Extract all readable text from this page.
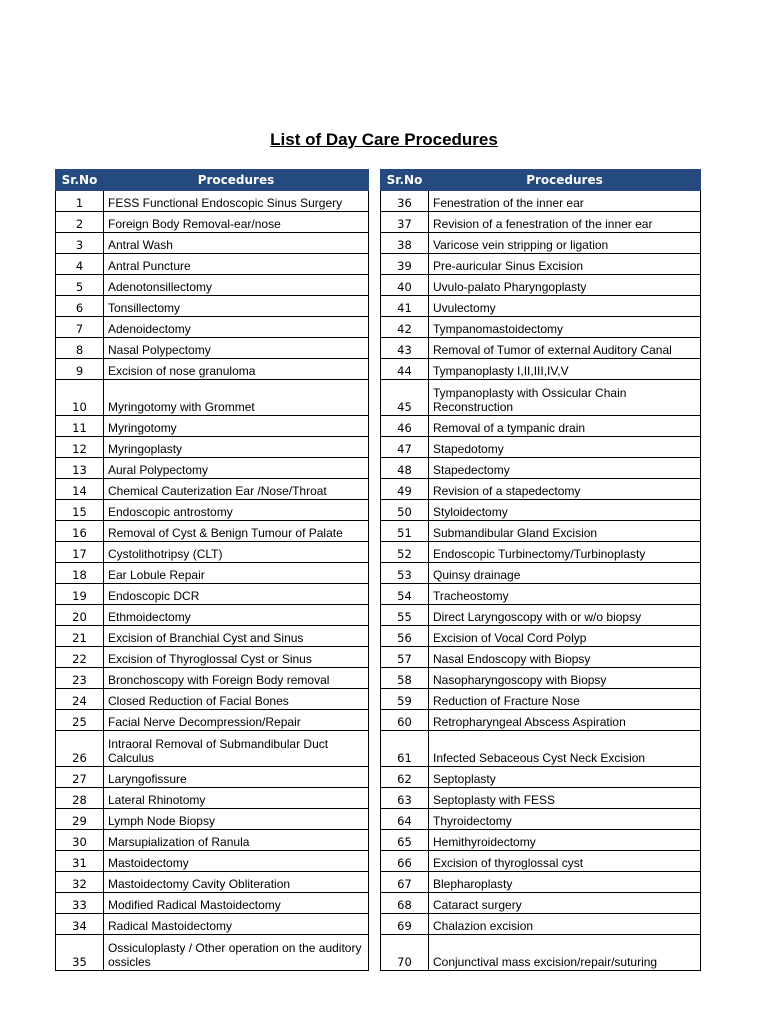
List of Day Care Procedures
Sr.No	Procedures
1	FESS Functional Endoscopic Sinus Surgery
2	Foreign Body Removal-ear/nose
3	Antral Wash
4	Antral Puncture
5	Adenotonsillectomy
6	Tonsillectomy
7	Adenoidectomy
8	Nasal Polypectomy
9	Excision of nose granuloma
10	Myringotomy with Grommet
11	Myringotomy
12	Myringoplasty
13	Aural Polypectomy
14	Chemical Cauterization Ear /Nose/Throat
15	Endoscopic antrostomy
16	Removal of Cyst & Benign Tumour of Palate
17	Cystolithotripsy (CLT)
18	Ear Lobule Repair
19	Endoscopic DCR
20	Ethmoidectomy
21	Excision of Branchial Cyst and Sinus
22	Excision of Thyroglossal Cyst or Sinus
23	Bronchoscopy with Foreign Body removal
24	Closed Reduction of Facial Bones
25	Facial Nerve Decompression/Repair
26	Intraoral Removal of Submandibular Duct Calculus
27	Laryngofissure
28	Lateral Rhinotomy
29	Lymph Node Biopsy
30	Marsupialization of Ranula
31	Mastoidectomy
32	Mastoidectomy Cavity Obliteration
33	Modified Radical Mastoidectomy
34	Radical Mastoidectomy
35	Ossiculoplasty / Other operation on the auditory ossicles
Sr.No	Procedures
36	Fenestration of the inner ear
37	Revision of a fenestration of the inner ear
38	Varicose vein stripping or ligation
39	Pre-auricular Sinus Excision
40	Uvulo-palato Pharyngoplasty
41	Uvulectomy
42	Tympanomastoidectomy
43	Removal of Tumor of external Auditory Canal
44	Tympanoplasty I,II,III,IV,V
45	Tympanoplasty with Ossicular Chain Reconstruction
46	Removal of a tympanic drain
47	Stapedotomy
48	Stapedectomy
49	Revision of a stapedectomy
50	Styloidectomy
51	Submandibular Gland Excision
52	Endoscopic Turbinectomy/Turbinoplasty
53	Quinsy drainage
54	Tracheostomy
55	Direct Laryngoscopy with or w/o biopsy
56	Excision of Vocal Cord Polyp
57	Nasal Endoscopy with Biopsy
58	Nasopharyngoscopy with Biopsy
59	Reduction of Fracture Nose
60	Retropharyngeal Abscess Aspiration
61	Infected Sebaceous Cyst Neck Excision
62	Septoplasty
63	Septoplasty with FESS
64	Thyroidectomy
65	Hemithyroidectomy
66	Excision of thyroglossal cyst
67	Blepharoplasty
68	Cataract surgery
69	Chalazion excision
70	Conjunctival mass excision/repair/suturing
